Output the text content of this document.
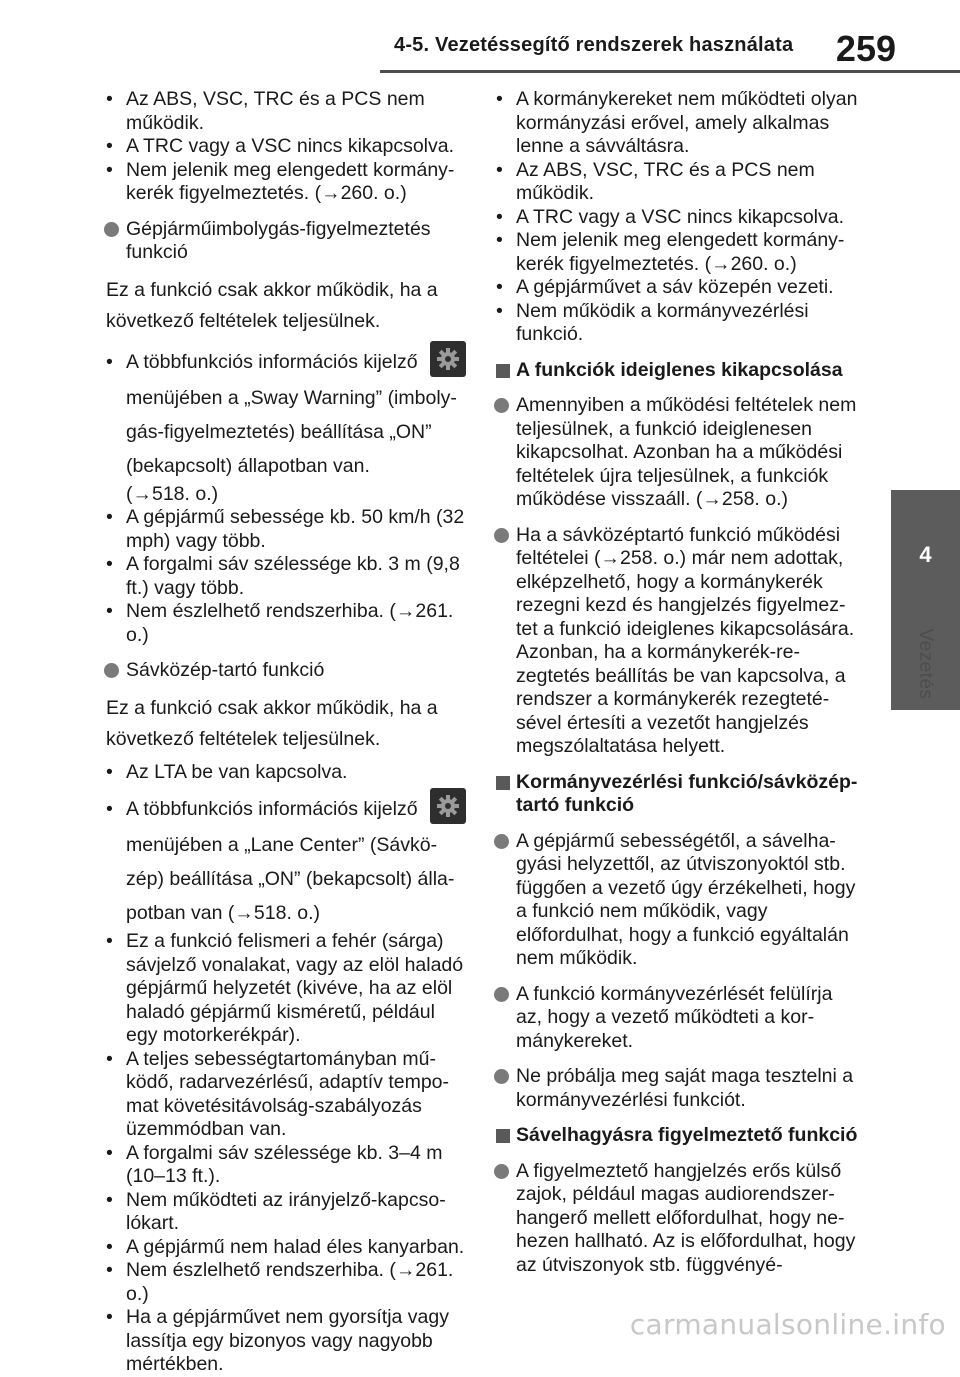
4-5. Vezetéssegítő rendszerek használata 259
4
Vezetés
• Az ABS, VSC, TRC és a PCS nem működik.
• A TRC vagy a VSC nincs kikapcsolva.
• Nem jelenik meg elengedett kormánykerék figyelmeztetés. (→260. o.)
Gépjárműimbolygás-figyelmeztetés funkció
Ez a funkció csak akkor működik, ha a következő feltételek teljesülnek.
• A többfunkciós információs kijelző

menüjében a „Sway Warning” (imbolygás-figyelmeztetés) beállítása „ON” (bekapcsolt) állapotban van.
(→518. o.)
• A gépjármű sebessége kb. 50 km/h (32 mph) vagy több.
• A forgalmi sáv szélessége kb. 3 m (9,8 ft.) vagy több.
• Nem észlelhető rendszerhiba. (→261. o.)
Sávközép-tartó funkció
Ez a funkció csak akkor működik, ha a következő feltételek teljesülnek.
• Az LTA be van kapcsolva.
• A többfunkciós információs kijelző

menüjében a „Lane Center” (Sávközép) beállítása „ON” (bekapcsolt) állapotban van (→518. o.)
• Ez a funkció felismeri a fehér (sárga) sávjelző vonalakat, vagy az elöl haladó gépjármű helyzetét (kivéve, ha az elöl haladó gépjármű kisméretű, például egy motorkerékpár).
• A teljes sebességtartományban működő, radarvezérlésű, adaptív tempomat követésitávolság-szabályozás üzemmódban van.
• A forgalmi sáv szélessége kb. 3–4 m (10–13 ft.).
• Nem működteti az irányjelző-kapcsolókart.
• A gépjármű nem halad éles kanyarban.
• Nem észlelhető rendszerhiba. (→261. o.)
• Ha a gépjárművet nem gyorsítja vagy lassítja egy bizonyos vagy nagyobb mértékben.
• A kormánykereket nem működteti olyan kormányzási erővel, amely alkalmas lenne a sávváltásra.
• Az ABS, VSC, TRC és a PCS nem működik.
• A TRC vagy a VSC nincs kikapcsolva.
• Nem jelenik meg elengedett kormánykerék figyelmeztetés. (→260. o.)
• A gépjárművet a sáv közepén vezeti.
• Nem működik a kormányvezérlési funkció.
A funkciók ideiglenes kikapcsolása
Amennyiben a működési feltételek nem teljesülnek, a funkció ideiglenesen kikapcsolhat. Azonban ha a működési feltételek újra teljesülnek, a funkciók működése visszaáll. (→258. o.)
Ha a sávközéptartó funkció működési feltételei (→258. o.) már nem adottak, elképzelhető, hogy a kormánykerék rezegni kezd és hangjelzés figyelmeztet a funkció ideiglenes kikapcsolására. Azonban, ha a kormánykerék-rezegtetés beállítás be van kapcsolva, a rendszer a kormánykerék rezegtetésével értesíti a vezetőt hangjelzés megszólaltatása helyett.
Kormányvezérlési funkció/sávközép-tartó funkció
A gépjármű sebességétől, a sávelhagyási helyzettől, az útviszonyoktól stb. függően a vezető úgy érzékelheti, hogy a funkció nem működik, vagy előfordulhat, hogy a funkció egyáltalán nem működik.
A funkció kormányvezérlését felülírja az, hogy a vezető működteti a kormánykereket.
Ne próbálja meg saját maga tesztelni a kormányvezérlési funkciót.
Sávelhagyásra figyelmeztető funkció
A figyelmeztető hangjelzés erős külső zajok, például magas audiorendszer-hangerő mellett előfordulhat, hogy nehezen hallható. Az is előfordulhat, hogy az útviszonyok stb. függvényé-
carmanualsonline.info
